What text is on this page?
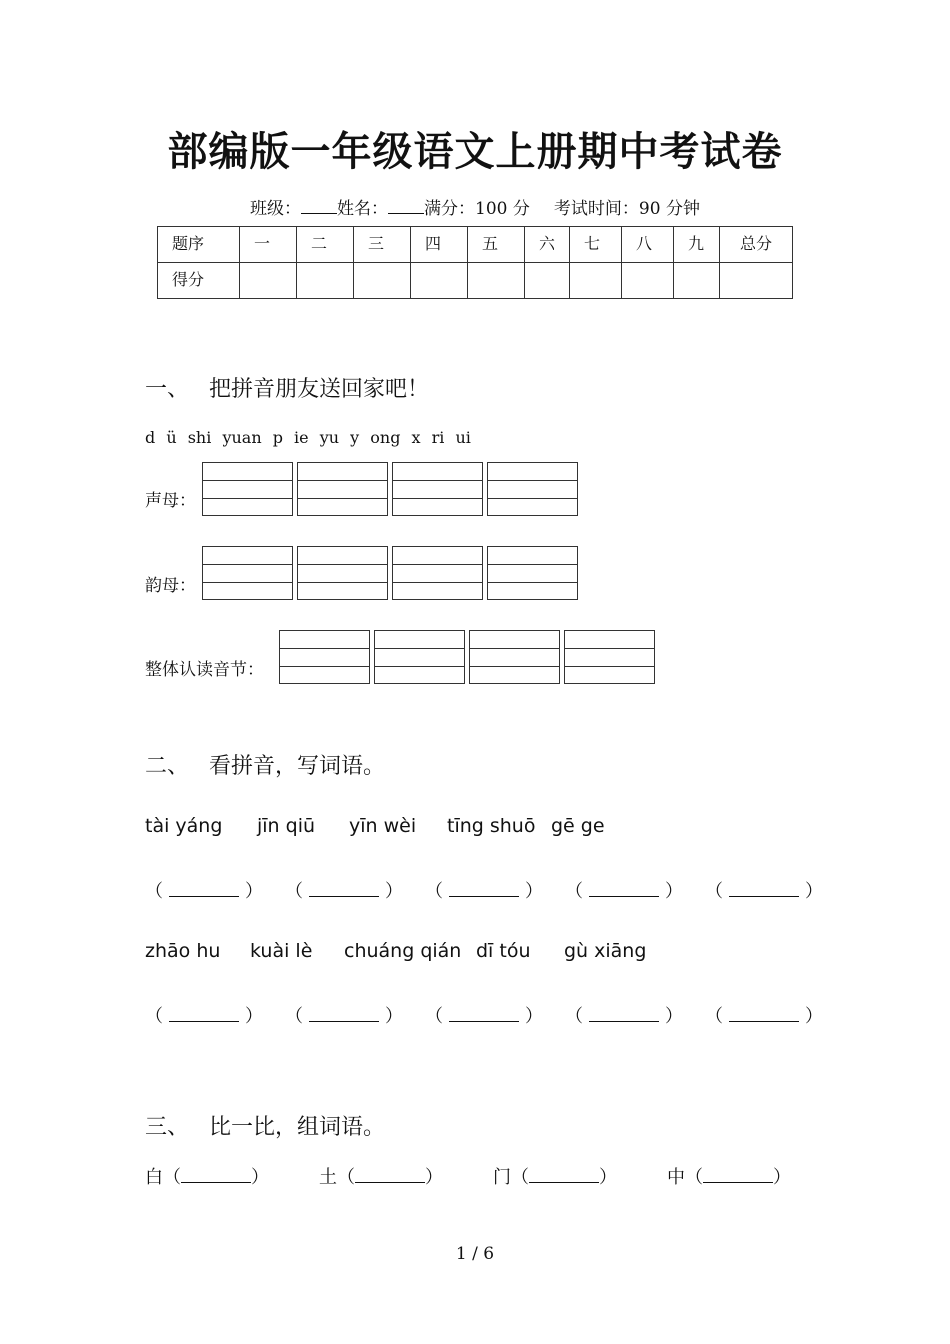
部编版一年级语文上册期中考试卷
班级： 姓名： 满分：100 分 考试时间：90 分钟
题序	一	二	三	四	五	六	七	八	九	总分
得分										
一、 把拼音朋友送回家吧！
d ü shi yuan p ie yu y ong x ri ui
声母：
韵母：
整体认读音节：
二、 看拼音，写词语。
tài yáng jīn qiū yīn wèi tīng shuō gē ge
（	） （	） （	） （	） （	）
zhāo hu kuài lè chuáng qián dī tóu gù xiāng
（	） （	） （	） （	） （	）
三、 比一比，组词语。
白（	）	土（	）	门（	）	中（	）
1 / 6
